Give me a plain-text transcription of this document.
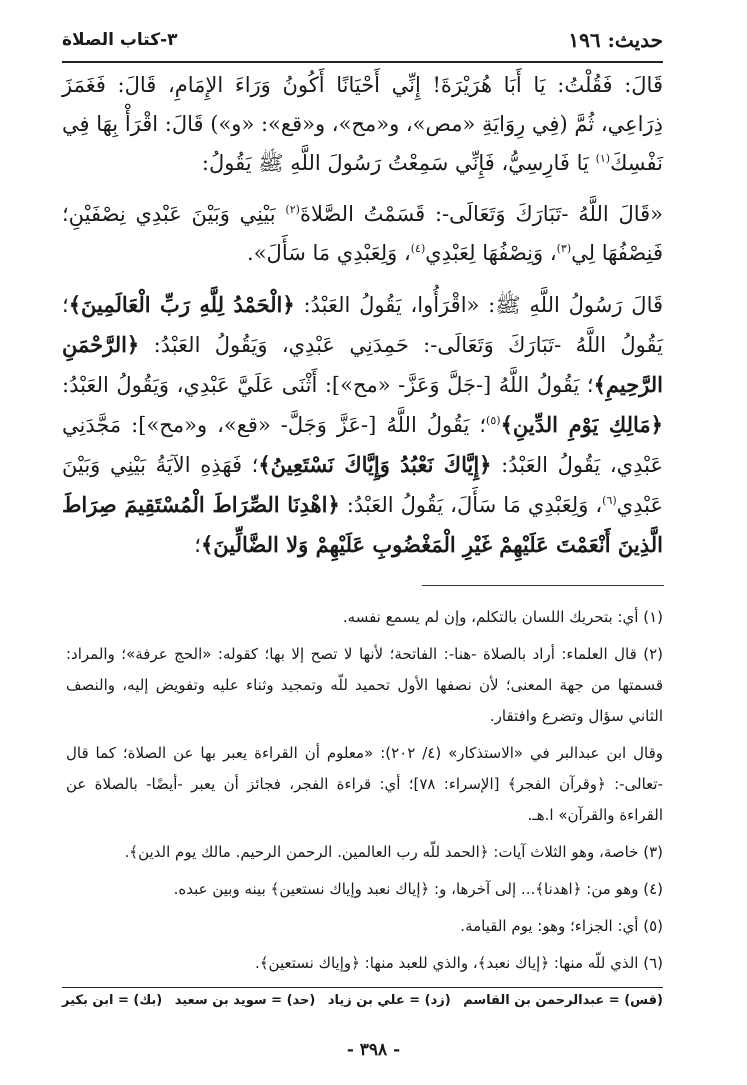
حديث: ١٩٦
٣-كتاب الصلاة

قَالَ: فَقُلْتُ: يَا أَبَا هُرَيْرَةَ! إِنِّي أَحْيَانًا أَكُونُ وَرَاءَ الإِمَامِ، قَالَ: فَغَمَزَ ذِرَاعِي، ثُمَّ (فِي رِوَايَةِ «مص»، و«مح»، و«قع»: «و») قَالَ: اقْرَأْ بِهَا فِي نَفْسِكَ$^{(١)}$ يَا فَارِسِيُّ، فَإِنِّي سَمِعْتُ رَسُولَ اللَّهِ ﷺ يَقُولُ:

«قَالَ اللَّهُ -تَبَارَكَ وَتَعَالَى-: قَسَمْتُ الصَّلاةَ$^{(٢)}$ بَيْنِي وَبَيْنَ عَبْدِي نِصْفَيْنِ؛ فَنِصْفُهَا لِي$^{(٣)}$، وَنِصْفُهَا لِعَبْدِي$^{(٤)}$، وَلِعَبْدِي مَا سَأَلَ».

قَالَ رَسُولُ اللَّهِ ﷺ: «اقْرَأُوا، يَقُولُ العَبْدُ: ﴿الْحَمْدُ لِلَّهِ رَبِّ الْعَالَمِينَ﴾؛ يَقُولُ اللَّهُ -تَبَارَكَ وَتَعَالَى-: حَمِدَنِي عَبْدِي، وَيَقُولُ العَبْدُ: ﴿الرَّحْمَنِ الرَّحِيمِ﴾؛ يَقُولُ اللَّهُ [-جَلَّ وَعَزَّ- «مح»]: أَثْنَى عَلَيَّ عَبْدِي، وَيَقُولُ العَبْدُ: ﴿مَالِكِ يَوْمِ الدِّينِ﴾$^{(٥)}$؛ يَقُولُ اللَّهُ [-عَزَّ وَجَلَّ- «قع»، و«مح»]: مَجَّدَنِي عَبْدِي، يَقُولُ العَبْدُ: ﴿إِيَّاكَ نَعْبُدُ وَإِيَّاكَ نَسْتَعِينُ﴾؛ فَهَذِهِ الآيَةُ بَيْنِي وَبَيْنَ عَبْدِي$^{(٦)}$، وَلِعَبْدِي مَا سَأَلَ، يَقُولُ العَبْدُ: ﴿اهْدِنَا الصِّرَاطَ الْمُسْتَقِيمَ صِرَاطَ الَّذِينَ أَنْعَمْتَ عَلَيْهِمْ غَيْرِ الْمَغْضُوبِ عَلَيْهِمْ وَلا الضَّالِّينَ﴾؛

(١) أي: بتحريك اللسان بالتكلم، وإن لم يسمع نفسه.

(٢) قال العلماء: أراد بالصلاة -هنا-: الفاتحة؛ لأنها لا تصح إلا بها؛ كقوله: «الحج عرفة»؛ والمراد: قسمتها من جهة المعنى؛ لأن نصفها الأول تحميد للّه وتمجيد وثناء عليه وتفويض إليه، والنصف الثاني سؤال وتضرع وافتقار.

وقال ابن عبدالبر في «الاستذكار» (٤/ ٢٠٢): «معلوم أن القراءة يعبر بها عن الصلاة؛ كما قال -تعالى-: ﴿وقرآن الفجر﴾ [الإسراء: ٧٨]؛ أي: قراءة الفجر، فجائز أن يعبر -أيضًا- بالصلاة عن القراءة والقرآن» ا.هـ.

(٣) خاصة، وهو الثلاث آيات: ﴿الحمد للّه رب العالمين. الرحمن الرحيم. مالك يوم الدين﴾.

(٤) وهو من: ﴿اهدنا﴾... إلى آخرها، و: ﴿إياك نعبد وإياك نستعين﴾ بينه وبين عبده.

(٥) أي: الجزاء؛ وهو: يوم القيامة.

(٦) الذي للّه منها: ﴿إياك نعبد﴾، والذي للعبد منها: ﴿وإياك نستعين﴾.

(قس) = عبدالرحمن بن القاسم
(زد) = علي بن زياد
(حد) = سويد بن سعيد
(بك) = ابن بكير
- ٣٩٨ -
